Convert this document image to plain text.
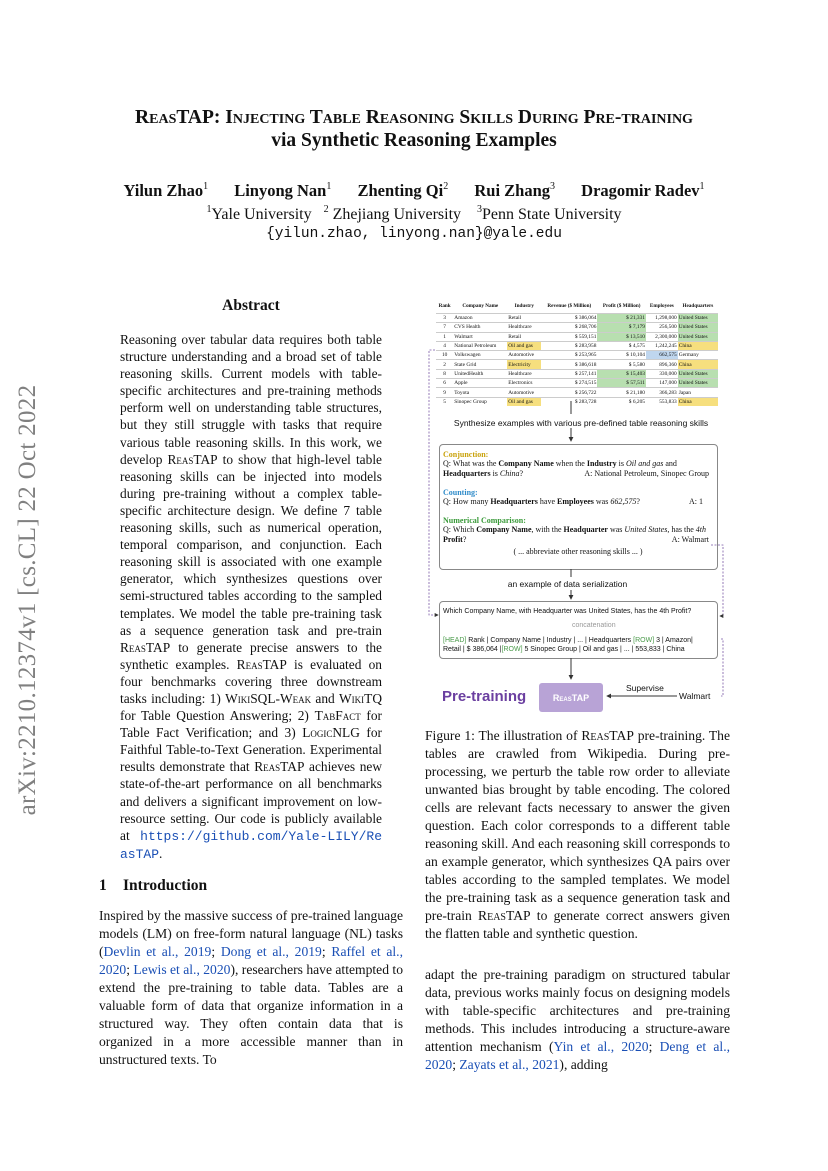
ReasTAP: Injecting Table Reasoning Skills During Pre-training
via Synthetic Reasoning Examples
Yilun Zhao$^1$ Linyong Nan$^1$ Zhenting Qi$^2$ Rui Zhang$^3$ Dragomir Radev$^1$
$^1$Yale University $^2$ Zhejiang University $^3$Penn State University
{yilun.zhao, linyong.nan}@yale.edu
arXiv:2210.12374v1 [cs.CL] 22 Oct 2022
Abstract
Reasoning over tabular data requires both table structure understanding and a broad set of table reasoning skills. Current models with table-specific architectures and pre-training methods perform well on understanding table structures, but they still struggle with tasks that require various table reasoning skills. In this work, we develop ReasTAP to show that high-level table reasoning skills can be injected into models during pre-training without a complex table-specific architecture design. We define 7 table reasoning skills, such as numerical operation, temporal comparison, and conjunction. Each reasoning skill is associated with one example generator, which synthesizes questions over semi-structured tables according to the sampled templates. We model the table pre-training task as a sequence generation task and pre-train ReasTAP to generate precise answers to the synthetic examples. ReasTAP is evaluated on four benchmarks covering three downstream tasks including: 1) WikiSQL-Weak and WikiTQ for Table Question Answering; 2) TabFact for Table Fact Verification; and 3) LogicNLG for Faithful Table-to-Text Generation. Experimental results demonstrate that ReasTAP achieves new state-of-the-art performance on all benchmarks and delivers a significant improvement on low-resource setting. Our code is publicly available at https://github.com/Yale-LILY/ReasTAP.
1 Introduction
Inspired by the massive success of pre-trained language models (LM) on free-form natural language (NL) tasks (Devlin et al., 2019; Dong et al., 2019; Raffel et al., 2020; Lewis et al., 2020), researchers have attempted to extend the pre-training to table data. Tables are a valuable form of data that organize information in a structured way. They often contain data that is organized in a more accessible manner than in unstructured texts. To
Rank	Company Name	Industry	Revenue ($ Million)	Profit ($ Million)	Employees	Headquarters
3	Amazon	Retail	$ 386,064	$ 21,331	1,298,000	United States
7	CVS Health	Healthcare	$ 268,706	$ 7,179	256,500	United States
1	Walmart	Retail	$ 559,151	$ 13,510	2,300,000	United States
4	National Petroleum	Oil and gas	$ 283,958	$ 4,575	1,242,245	China
10	Volkswagen	Automotive	$ 253,965	$ 10,104	662,575	Germany
2	State Grid	Electricity	$ 386,618	$ 5,580	896,360	China
8	UnitedHealth	Healthcare	$ 257,141	$ 15,403	330,000	United States
6	Apple	Electronics	$ 274,515	$ 57,511	147,000	United States
9	Toyota	Automotive	$ 256,722	$ 21,180	366,283	Japan
5	Sinopec Group	Oil and gas	$ 283,728	$ 6,205	553,833	China
Synthesize examples with various pre-defined table reasoning skills
Conjunction:
Q: What was the Company Name when the Industry is Oil and gas and Headquarters is China?	A: National Petroleum, Sinopec Group
Counting:
Q: How many Headquarters have Employees was 662,575?	A: 1
Numerical Comparison:
Q: Which Company Name, with the Headquarter was United States, has the 4th Profit?	A: Walmart
( ... abbreviate other reasoning skills ... )
an example of data serialization
Which Company Name, with Headquarter was United States, has the 4th Profit?
concatenation
[HEAD] Rank | Company Name | Industry | ... | Headquarters [ROW] 3 | Amazon| Retail | $ 386,064 |[ROW] 5 Sinopec Group | Oil and gas | ... | 553,833 | China
Pre-training	ReasTAP
Supervise
Walmart
Figure 1: The illustration of ReasTAP pre-training. The tables are crawled from Wikipedia. During pre-processing, we perturb the table row order to alleviate unwanted bias brought by table encoding. The colored cells are relevant facts necessary to answer the given question. Each color corresponds to a different table reasoning skill. And each reasoning skill corresponds to an example generator, which synthesizes QA pairs over tables according to the sampled templates. We model the pre-training task as a sequence generation task and pre-train ReasTAP to generate correct answers given the flatten table and synthetic question.
adapt the pre-training paradigm on structured tabular data, previous works mainly focus on designing models with table-specific architectures and pre-training methods. This includes introducing a structure-aware attention mechanism (Yin et al., 2020; Deng et al., 2020; Zayats et al., 2021), adding
